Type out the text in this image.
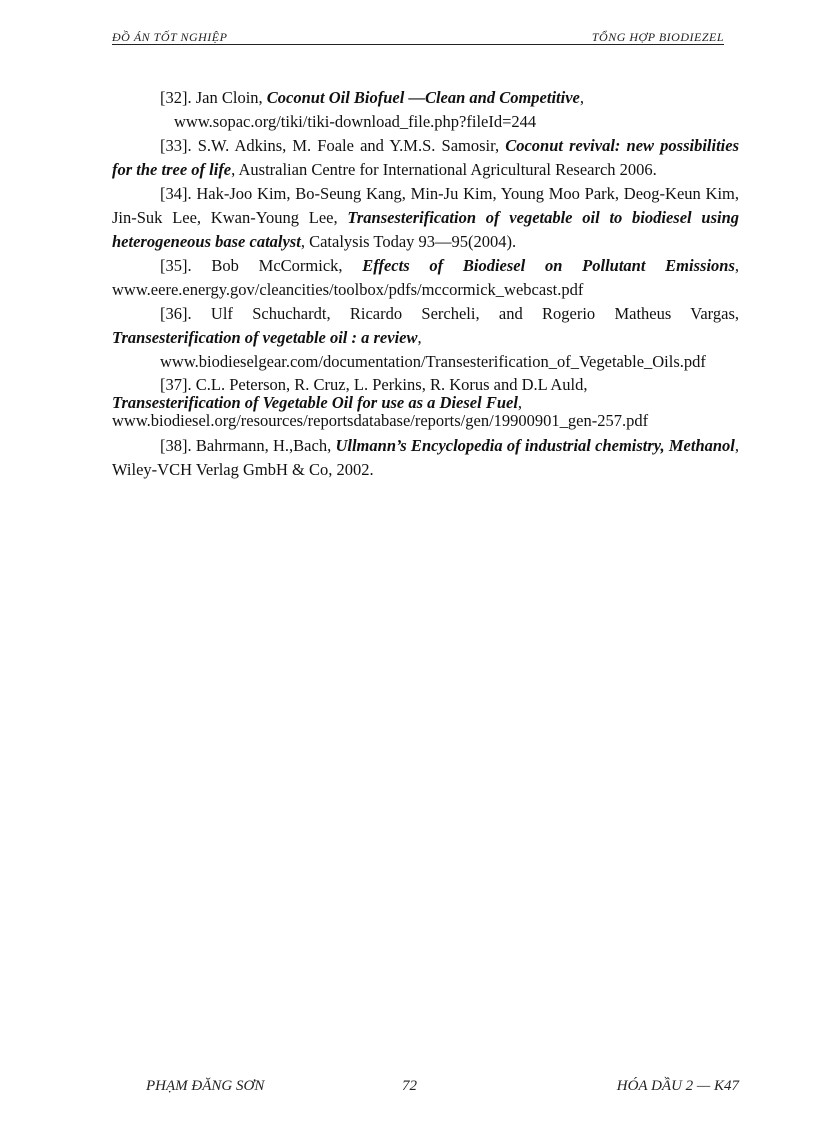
ĐỒ ÁN TỐT NGHIỆP	TỔNG HỢP BIODIEZEL

[32]. Jan Cloin, Coconut Oil Biofuel —Clean and Competitive,
www.sopac.org/tiki/tiki-download_file.php?fileId=244

[33]. S.W. Adkins, M. Foale and Y.M.S. Samosir, Coconut revival: new possibilities for the tree of life, Australian Centre for International Agricultural Research 2006.

[34]. Hak-Joo Kim, Bo-Seung Kang, Min-Ju Kim, Young Moo Park, Deog-Keun Kim, Jin-Suk Lee, Kwan-Young Lee, Transesterification of vegetable oil to biodiesel using heterogeneous base catalyst, Catalysis Today 93—95(2004).

[35]. Bob McCormick, Effects of Biodiesel on Pollutant Emissions, www.eere.energy.gov/cleancities/toolbox/pdfs/mccormick_webcast.pdf

[36]. Ulf Schuchardt, Ricardo Sercheli, and Rogerio Matheus Vargas, Transesterification of vegetable oil : a review,
www.biodieselgear.com/documentation/Transesterification_of_Vegetable_Oils.pdf

[37]. C.L. Peterson, R. Cruz, L. Perkins, R. Korus and D.L Auld,
Transesterification of Vegetable Oil for use as a Diesel Fuel,
www.biodiesel.org/resources/reportsdatabase/reports/gen/19900901_gen-257.pdf

[38]. Bahrmann, H.,Bach, Ullmann’s Encyclopedia of industrial chemistry, Methanol, Wiley-VCH Verlag GmbH & Co, 2002.

PHẠM ĐĂNG SƠN	72	HÓA DẦU 2 — K47
